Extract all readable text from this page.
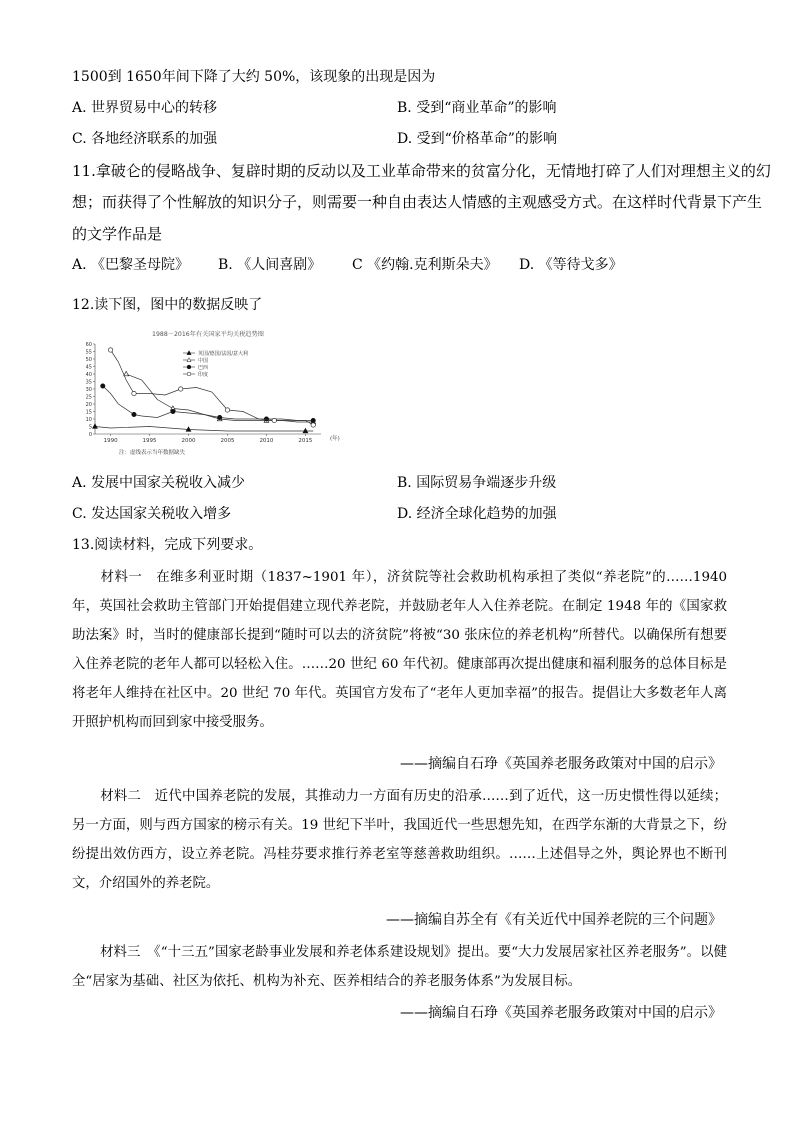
1500到 1650年间下降了大约 50%，该现象的出现是因为
A. 世界贸易中心的转移	B. 受到“商业革命”的影响
C. 各地经济联系的加强	D. 受到“价格革命”的影响
11.拿破仑的侵略战争、复辟时期的反动以及工业革命带来的贫富分化，无情地打碎了人们对理想主义的幻
想；而获得了个性解放的知识分子，则需要一种自由表达人情感的主观感受方式。在这样时代背景下产生
的文学作品是
A. 《巴黎圣母院》 B. 《人间喜剧》 C 《约翰.克利斯朵夫》 D. 《等待戈多》
12.读下图，图中的数据反映了
1988－2016年有关国家平均关税趋势图
0
5
10
15
20
25
30
35
40
45
50
55
60
1990	1995	2000	2005	2010	2015
英国/德国/法国/意大利
中国
巴西
印度
(年)
注：虚线表示当年数据缺失
A. 发展中国家关税收入减少	B. 国际贸易争端逐步升级
C. 发达国家关税收入增多	D. 经济全球化趋势的加强
13.阅读材料，完成下列要求。
材料一　在维多利亚时期（1837~1901 年），济贫院等社会救助机构承担了类似“养老院”的……1940 年，英国社会救助主管部门开始提倡建立现代养老院，并鼓励老年人入住养老院。在制定 1948 年的《国家救助法案》时，当时的健康部长提到“随时可以去的济贫院”将被“30 张床位的养老机构”所替代。以确保所有想要入住养老院的老年人都可以轻松入住。……20 世纪 60 年代初。健康部再次提出健康和福利服务的总体目标是将老年人维持在社区中。20 世纪 70 年代。英国官方发布了“老年人更加幸福”的报告。提倡让大多数老年人离开照护机构而回到家中接受服务。
——摘编自石琤《英国养老服务政策对中国的启示》
材料二　近代中国养老院的发展，其推动力一方面有历史的沿承……到了近代，这一历史惯性得以延续；另一方面，则与西方国家的榜示有关。19 世纪下半叶，我国近代一些思想先知，在西学东渐的大背景之下，纷纷提出效仿西方，设立养老院。冯桂芬要求推行养老室等慈善救助组织。……上述倡导之外，舆论界也不断刊文，介绍国外的养老院。
——摘编自苏全有《有关近代中国养老院的三个问题》
材料三　《“十三五”国家老龄事业发展和养老体系建设规划》提出。要“大力发展居家社区养老服务”。以健全“居家为基础、社区为依托、机构为补充、医养相结合的养老服务体系”为发展目标。
——摘编自石琤《英国养老服务政策对中国的启示》
